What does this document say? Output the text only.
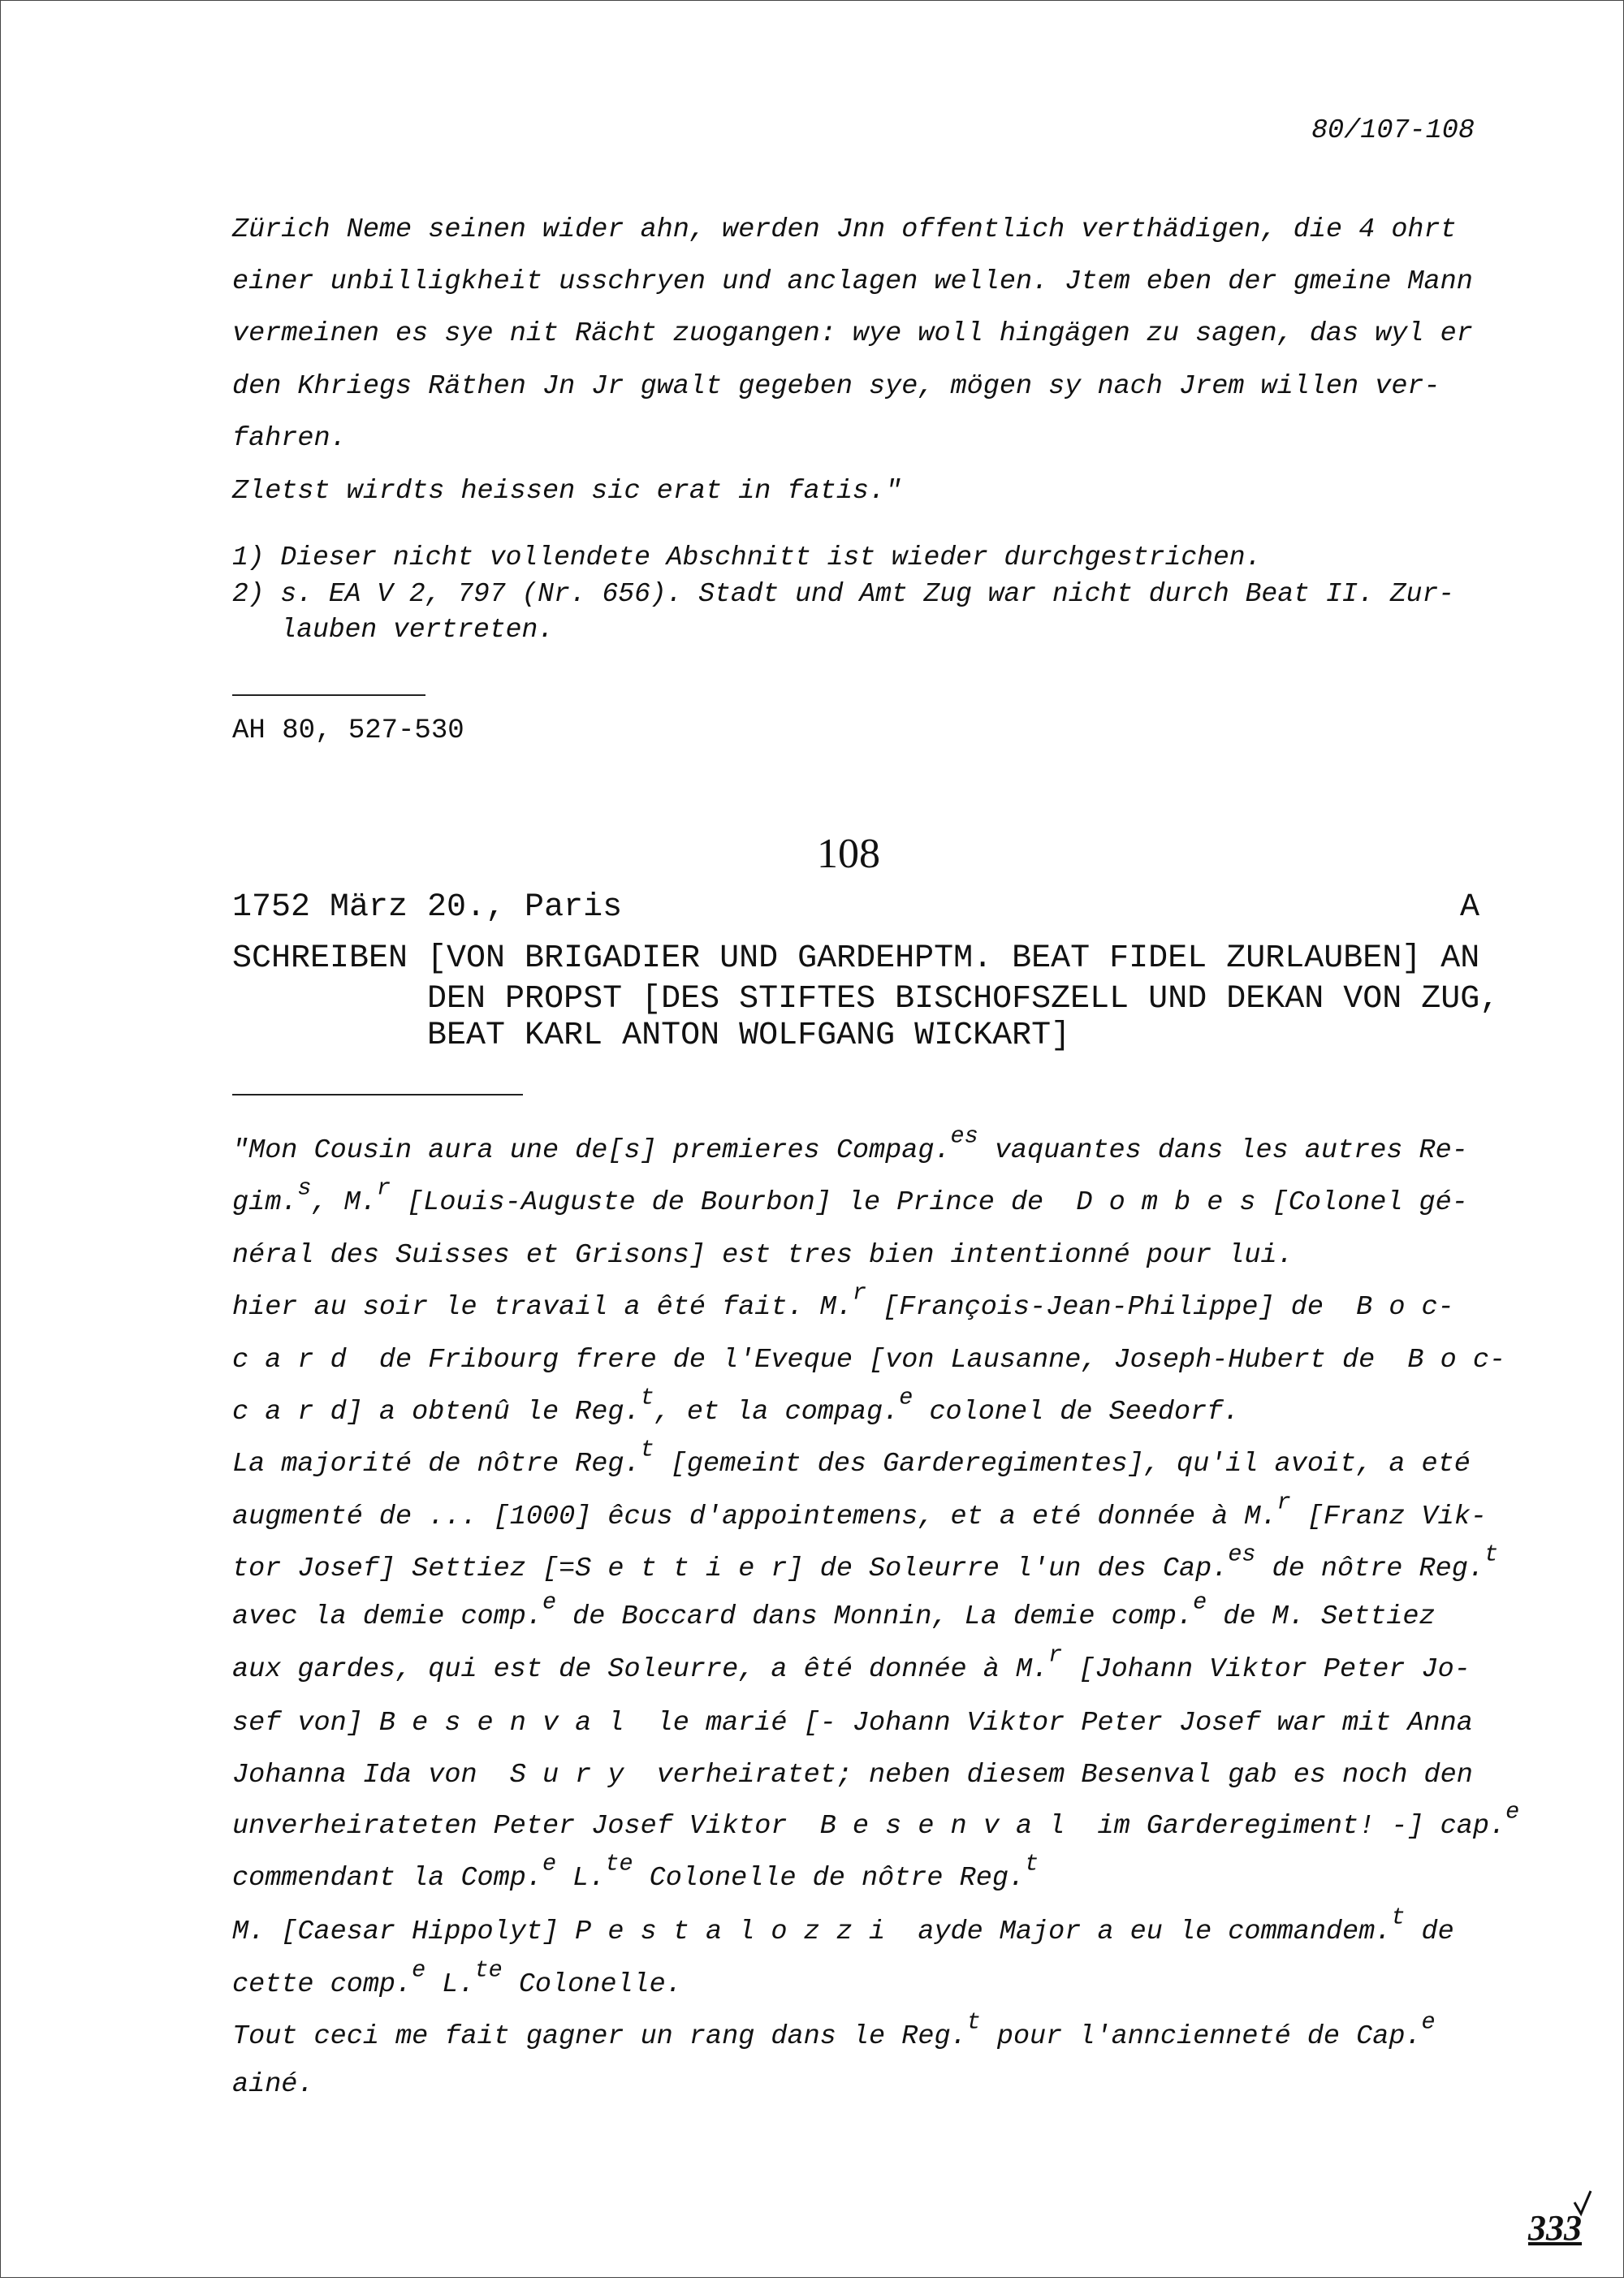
80/107-108
Zürich Neme seinen wider ahn, werden Jnn offentlich verthädigen, die 4 ohrt
einer unbilligkheit usschryen und anclagen wellen. Jtem eben der gmeine Mann
vermeinen es sye nit Rächt zuogangen: wye woll hingägen zu sagen, das wyl er
den Khriegs Räthen Jn Jr gwalt gegeben sye, mögen sy nach Jrem willen ver-
fahren.
Zletst wirdts heissen sic erat in fatis."
1) Dieser nicht vollendete Abschnitt ist wieder durchgestrichen.
2) s. EA V 2, 797 (Nr. 656). Stadt und Amt Zug war nicht durch Beat II. Zur-
lauben vertreten.
AH 80, 527-530
108
1752 März 20., Paris	A
SCHREIBEN [VON BRIGADIER UND GARDEHPTM. BEAT FIDEL ZURLAUBEN] AN
DEN PROPST [DES STIFTES BISCHOFSZELL UND DEKAN VON ZUG,
BEAT KARL ANTON WOLFGANG WICKART]
"Mon Cousin aura une de[s] premieres Compag.$^{es}$ vaquantes dans les autres Re-
gim.$^s$, M.$^r$ [Louis-Auguste de Bourbon] le Prince de  D o m b e s [Colonel gé-
néral des Suisses et Grisons] est tres bien intentionné pour lui.
hier au soir le travail a êté fait. M.$^r$ [François-Jean-Philippe] de  B o c-
c a r d  de Fribourg frere de l'Eveque [von Lausanne, Joseph-Hubert de  B o c-
c a r d] a obtenû le Reg.$^t$, et la compag.$^e$ colonel de Seedorf.
La majorité de nôtre Reg.$^t$ [gemeint des Garderegimentes], qu'il avoit, a eté
augmenté de ... [1000] êcus d'appointemens, et a eté donnée à M.$^r$ [Franz Vik-
tor Josef] Settiez [=S e t t i e r] de Soleurre l'un des Cap.$^{es}$ de nôtre Reg.$^t$
avec la demie comp.$^e$ de Boccard dans Monnin, La demie comp.$^e$ de M. Settiez
aux gardes, qui est de Soleurre, a êté donnée à M.$^r$ [Johann Viktor Peter Jo-
sef von] B e s e n v a l  le marié [- Johann Viktor Peter Josef war mit Anna
Johanna Ida von  S u r y  verheiratet; neben diesem Besenval gab es noch den
unverheirateten Peter Josef Viktor  B e s e n v a l  im Garderegiment! -] cap.$^e$
commendant la Comp.$^e$ L.$^{te}$ Colonelle de nôtre Reg.$^t$
M. [Caesar Hippolyt] P e s t a l o z z i  ayde Major a eu le commandem.$^t$ de
cette comp.$^e$ L.$^{te}$ Colonelle.
Tout ceci me fait gagner un rang dans le Reg.$^t$ pour l'anncienneté de Cap.$^e$
ainé.

333
